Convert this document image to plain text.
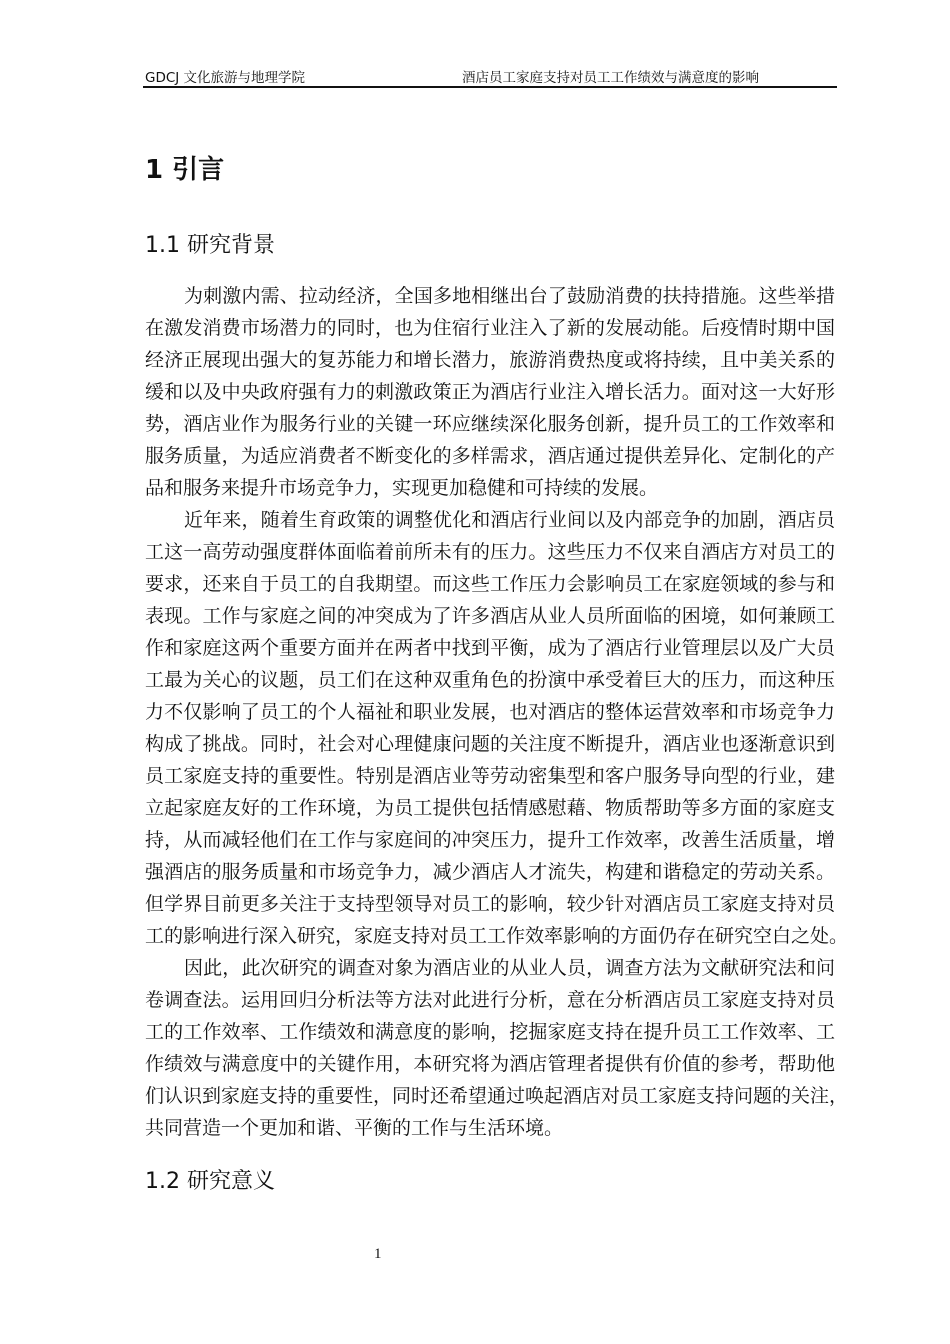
GDCJ 文化旅游与地理学院	酒店员工家庭支持对员工工作绩效与满意度的影响
1 引言
1.1 研究背景
为刺激内需、拉动经济，全国多地相继出台了鼓励消费的扶持措施。这些举措
在激发消费市场潜力的同时，也为住宿行业注入了新的发展动能。后疫情时期中国
经济正展现出强大的复苏能力和增长潜力，旅游消费热度或将持续，且中美关系的
缓和以及中央政府强有力的刺激政策正为酒店行业注入增长活力。面对这一大好形
势，酒店业作为服务行业的关键一环应继续深化服务创新，提升员工的工作效率和
服务质量，为适应消费者不断变化的多样需求，酒店通过提供差异化、定制化的产
品和服务来提升市场竞争力，实现更加稳健和可持续的发展。
近年来，随着生育政策的调整优化和酒店行业间以及内部竞争的加剧，酒店员
工这一高劳动强度群体面临着前所未有的压力。这些压力不仅来自酒店方对员工的
要求，还来自于员工的自我期望。而这些工作压力会影响员工在家庭领域的参与和
表现。工作与家庭之间的冲突成为了许多酒店从业人员所面临的困境，如何兼顾工
作和家庭这两个重要方面并在两者中找到平衡，成为了酒店行业管理层以及广大员
工最为关心的议题，员工们在这种双重角色的扮演中承受着巨大的压力，而这种压
力不仅影响了员工的个人福祉和职业发展，也对酒店的整体运营效率和市场竞争力
构成了挑战。同时，社会对心理健康问题的关注度不断提升，酒店业也逐渐意识到
员工家庭支持的重要性。特别是酒店业等劳动密集型和客户服务导向型的行业，建
立起家庭友好的工作环境，为员工提供包括情感慰藉、物质帮助等多方面的家庭支
持，从而减轻他们在工作与家庭间的冲突压力，提升工作效率，改善生活质量，增
强酒店的服务质量和市场竞争力，减少酒店人才流失，构建和谐稳定的劳动关系。
但学界目前更多关注于支持型领导对员工的影响，较少针对酒店员工家庭支持对员
工的影响进行深入研究，家庭支持对员工工作效率影响的方面仍存在研究空白之处。
因此，此次研究的调查对象为酒店业的从业人员，调查方法为文献研究法和问
卷调查法。运用回归分析法等方法对此进行分析，意在分析酒店员工家庭支持对员
工的工作效率、工作绩效和满意度的影响，挖掘家庭支持在提升员工工作效率、工
作绩效与满意度中的关键作用，本研究将为酒店管理者提供有价值的参考，帮助他
们认识到家庭支持的重要性，同时还希望通过唤起酒店对员工家庭支持问题的关注，
共同营造一个更加和谐、平衡的工作与生活环境。
1.2 研究意义
1
